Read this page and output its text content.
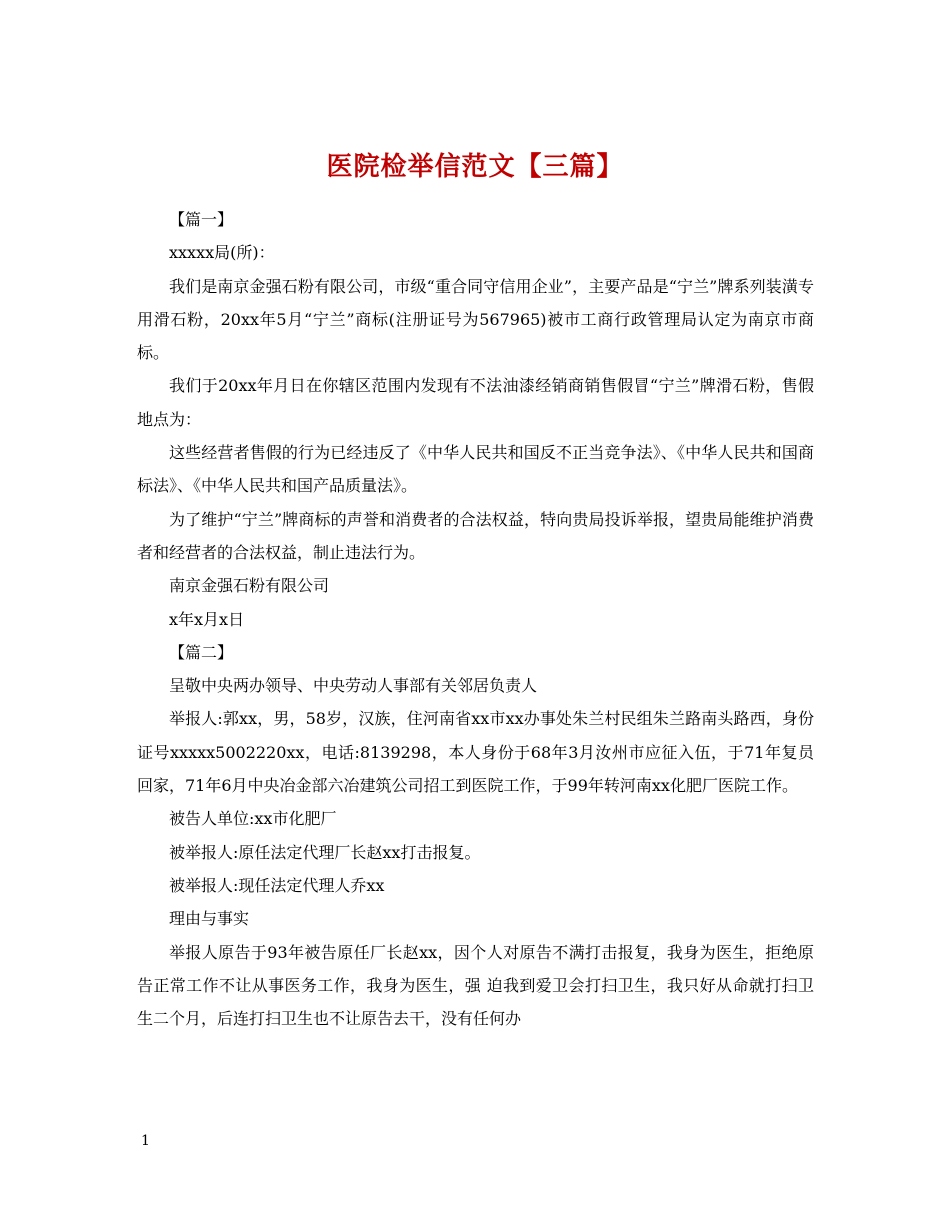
医院检举信范文【三篇】

【篇一】

xxxxx局(所)：

我们是南京金强石粉有限公司，市级“重合同守信用企业”，主要产品是“宁兰”牌系列装潢专用滑石粉，20xx年5月“宁兰”商标(注册证号为567965)被市工商行政管理局认定为南京市商标。

我们于20xx年月日在你辖区范围内发现有不法油漆经销商销售假冒“宁兰”牌滑石粉，售假地点为：

这些经营者售假的行为已经违反了《中华人民共和国反不正当竞争法》、《中华人民共和国商标法》、《中华人民共和国产品质量法》。

为了维护“宁兰”牌商标的声誉和消费者的合法权益，特向贵局投诉举报，望贵局能维护消费者和经营者的合法权益，制止违法行为。

南京金强石粉有限公司

x年x月x日

【篇二】

呈敬中央两办领导、中央劳动人事部有关邻居负责人

举报人:郭xx，男，58岁，汉族，住河南省xx市xx办事处朱兰村民组朱兰路南头路西，身份证号xxxxx5002220xx，电话:8139298，本人身份于68年3月汝州市应征入伍，于71年复员回家，71年6月中央冶金部六冶建筑公司招工到医院工作，于99年转河南xx化肥厂医院工作。

被告人单位:xx市化肥厂

被举报人:原任法定代理厂长赵xx打击报复。

被举报人:现任法定代理人乔xx

理由与事实

举报人原告于93年被告原任厂长赵xx，因个人对原告不满打击报复，我身为医生，拒绝原告正常工作不让从事医务工作，我身为医生，强 迫我到爱卫会打扫卫生，我只好从命就打扫卫生二个月，后连打扫卫生也不让原告去干，没有任何办

1
